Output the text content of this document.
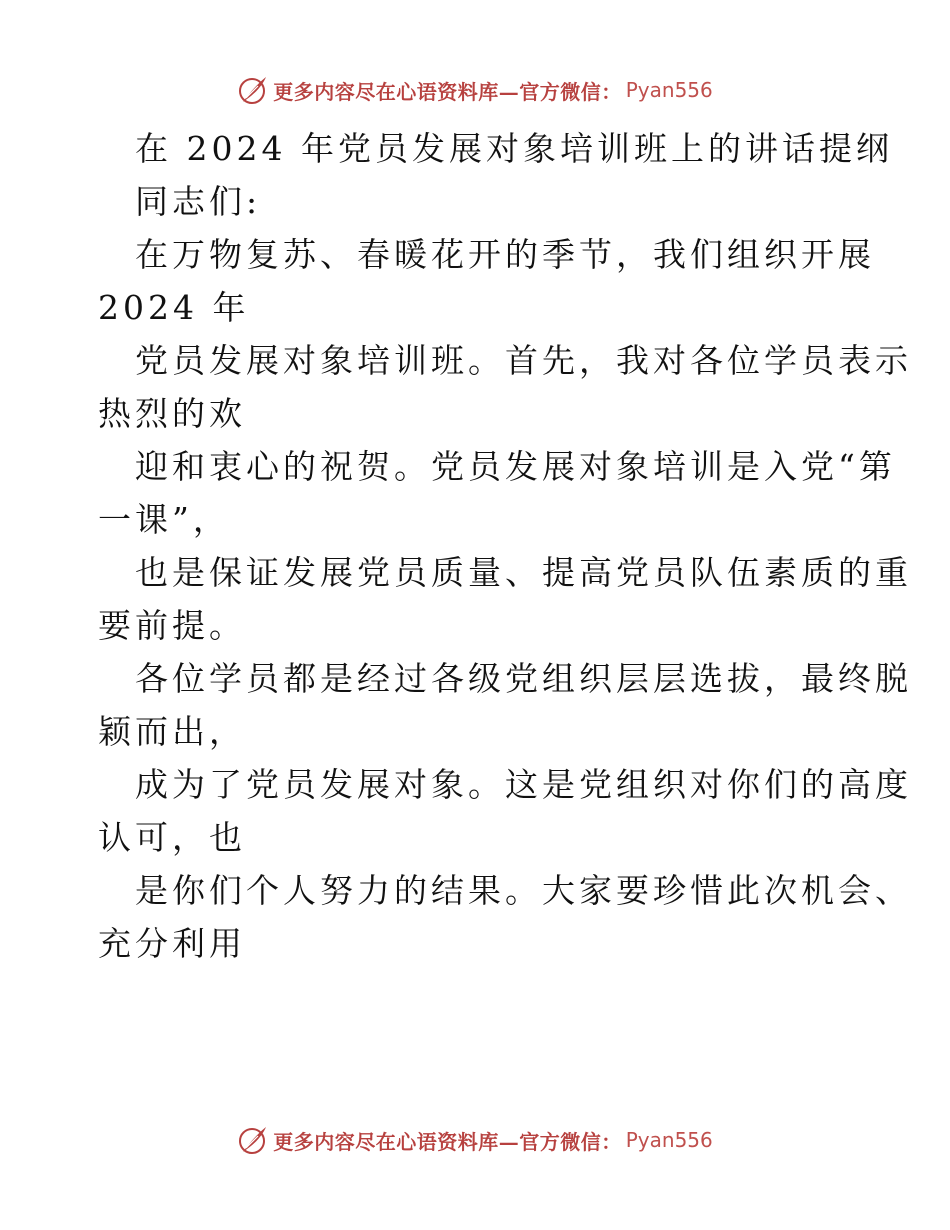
更多内容尽在心语资料库—官方微信： Pyan556
在 2024 年党员发展对象培训班上的讲话提纲
同志们:
在万物复苏、春暖花开的季节，我们组织开展
2024 年
党员发展对象培训班。首先，我对各位学员表示
热烈的欢
迎和衷心的祝贺。党员发展对象培训是入党“第
一课”，
也是保证发展党员质量、提高党员队伍素质的重
要前提。
各位学员都是经过各级党组织层层选拔，最终脱
颖而出，
成为了党员发展对象。这是党组织对你们的高度
认可，也
是你们个人努力的结果。大家要珍惜此次机会、
充分利用
更多内容尽在心语资料库—官方微信： Pyan556
